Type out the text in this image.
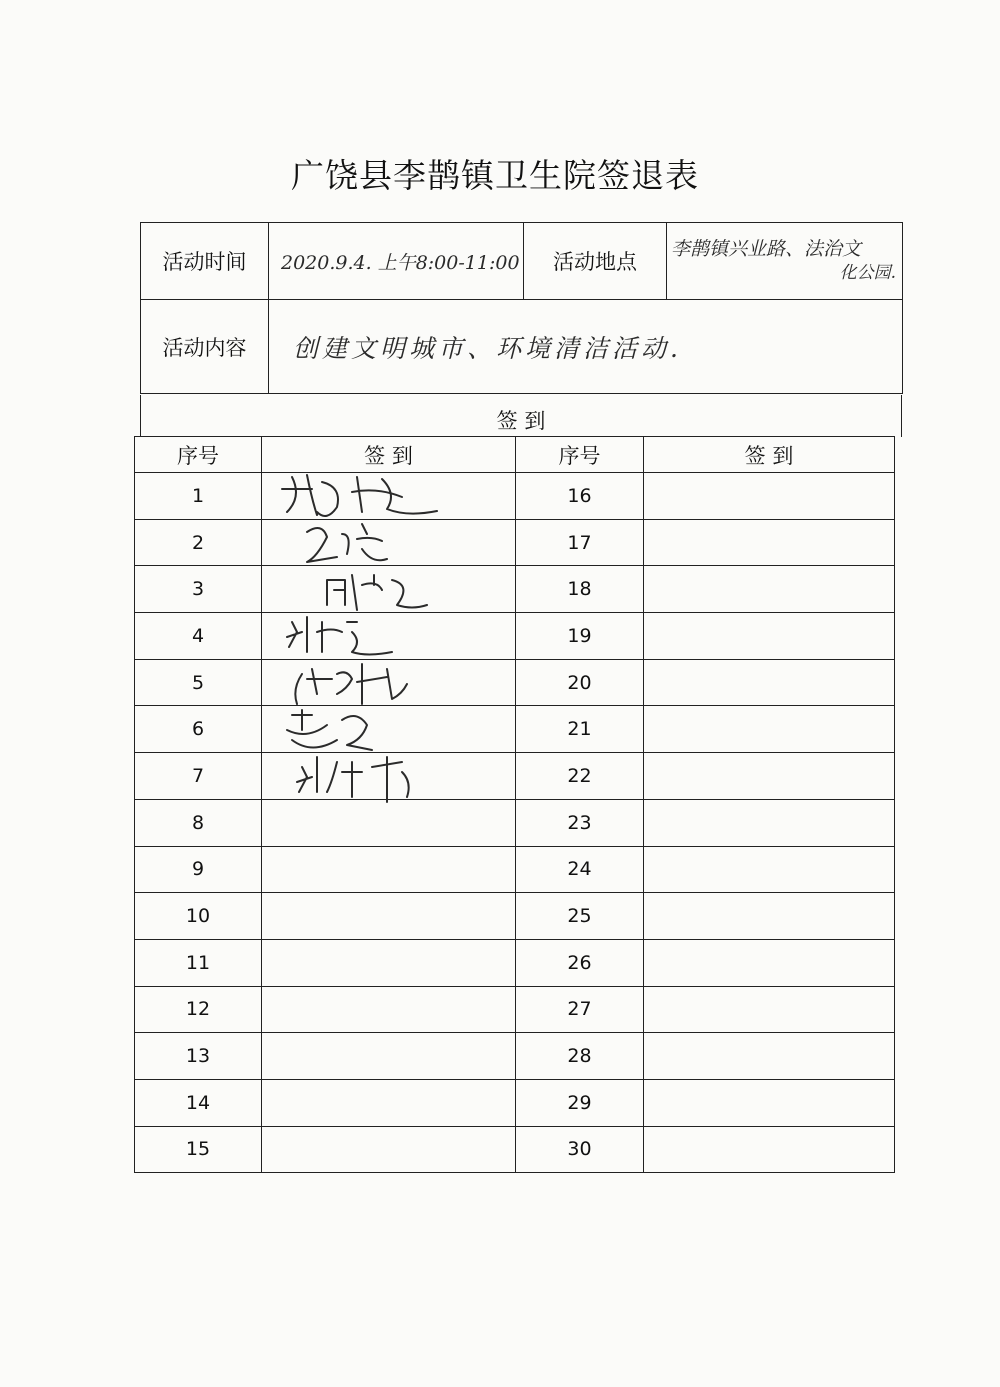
广饶县李鹊镇卫生院签退表
活动时间	2020.9.4. 上午8:00-11:00	活动地点	李鹊镇兴业路、法治文
化公园.

活动内容	创建文明城市、环境清洁活动.		
签 到
序号	签 到	序号	签 到
1		16	
2		17	
3		18	
4		19	
5		20	
6		21	
7		22	
8		23	
9		24	
10		25	
11		26	
12		27	
13		28	
14		29	
15		30	
